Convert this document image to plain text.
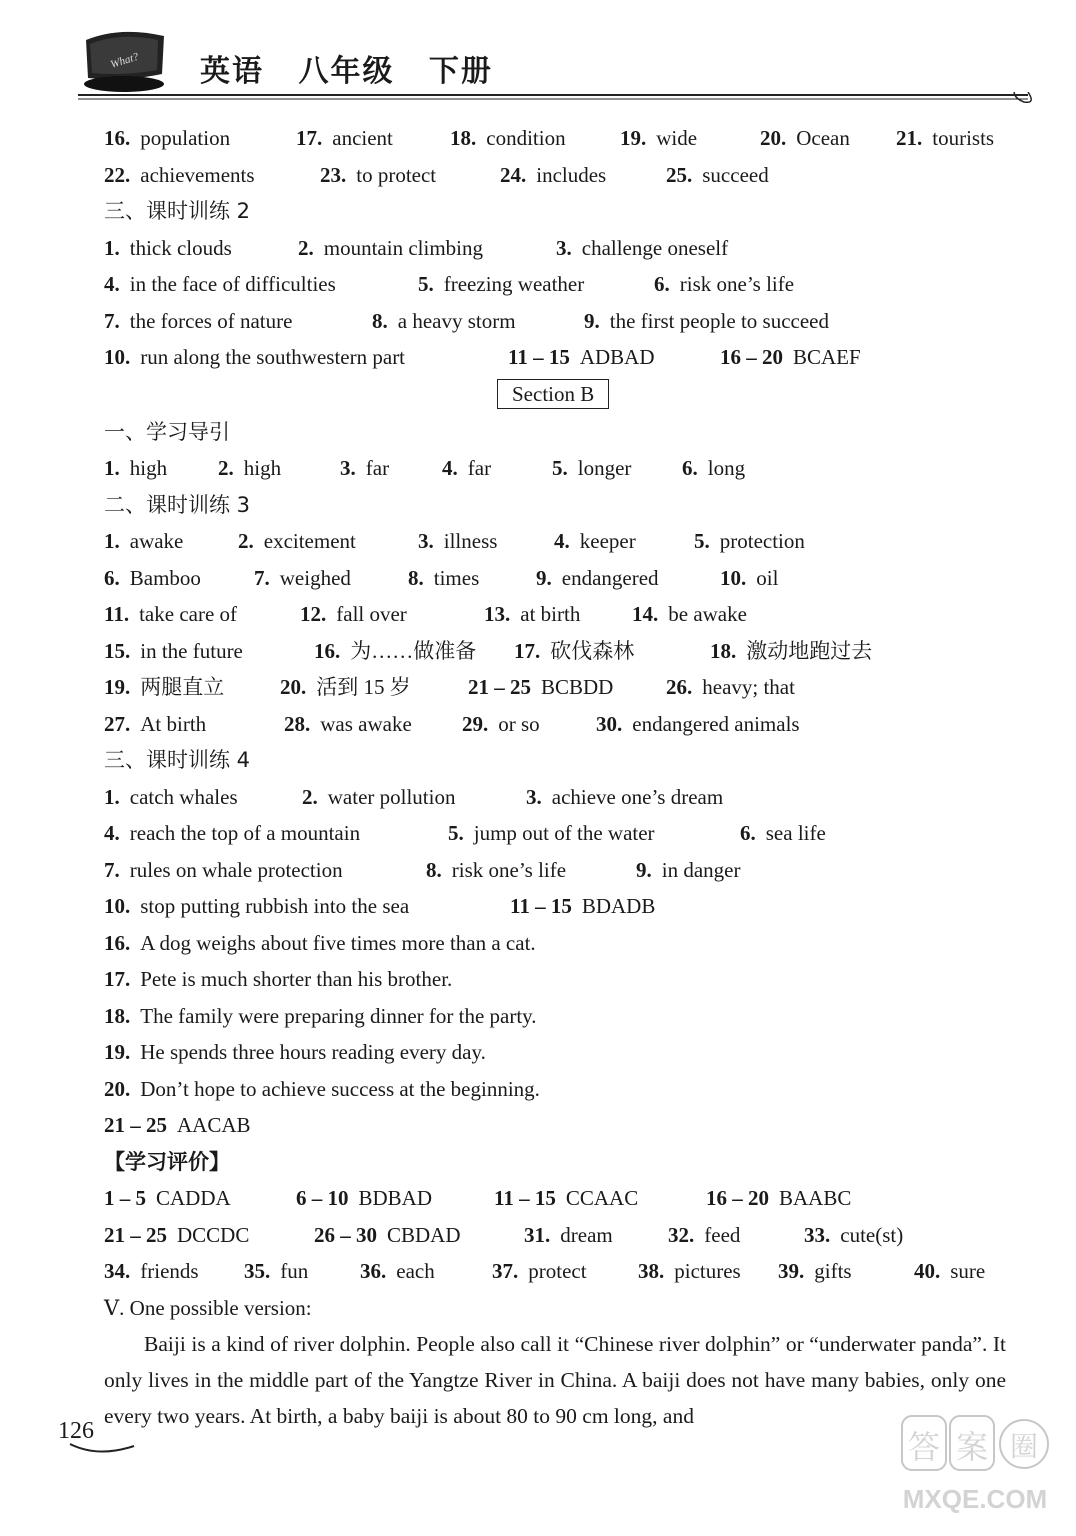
What? 英语 八年级 下册
16. population	17. ancient	18. condition	19. wide	20. Ocean 21. tourists
22. achievements	23. to protect	24. includes	25. succeed
三、课时训练 2
1. thick clouds	2. mountain climbing	3. challenge oneself
4. in the face of difficulties	5. freezing weather	6. risk one’s life
7. the forces of nature	8. a heavy storm	9. the first people to succeed
10. run along the southwestern part	11 – 15 ADBAD	16 – 20 BCAEF
Section B
一、学习导引
1. high 2. high	3. far	4. far	5. longer 6. long
二、课时训练 3
1. awake	2. excitement	3. illness	4. keeper	5. protection
6. Bamboo	7. weighed	8. times	9. endangered	10. oil
11. take care of	12. fall over	13. at birth 14. be awake
15. in the future	16. 为……做准备 17. 砍伐森林	18. 激动地跑过去
19. 两腿直立	20. 活到 15 岁	21 – 25 BCBDD	26. heavy; that
27. At birth	28. was awake 29. or so	30. endangered animals
三、课时训练 4
1. catch whales	2. water pollution	3. achieve one’s dream
4. reach the top of a mountain	5. jump out of the water	6. sea life
7. rules on whale protection	8. risk one’s life	9. in danger
10. stop putting rubbish into the sea	11 – 15 BDADB
16. A dog weighs about five times more than a cat.
17. Pete is much shorter than his brother.
18. The family were preparing dinner for the party.
19. He spends three hours reading every day.
20. Don’t hope to achieve success at the beginning.
21 – 25 AACAB
【学习评价】
1 – 5 CADDA	6 – 10 BDBAD	11 – 15 CCAAC	16 – 20 BAABC
21 – 25 DCCDC	26 – 30 CBDAD	31. dream	32. feed	33. cute(st)
34. friends 35. fun 36. each	37. protect 38. pictures 39. gifts	40. sure
Ⅴ. One possible version:
Baiji is a kind of river dolphin. People also call it “Chinese river dolphin” or “underwater panda”. It only lives in the middle part of the Yangtze River in China. A baiji does not have many babies, only one every two years. At birth, a baby baiji is about 80 to 90 cm long, and
126	答 案 圈
MXQE.COM
